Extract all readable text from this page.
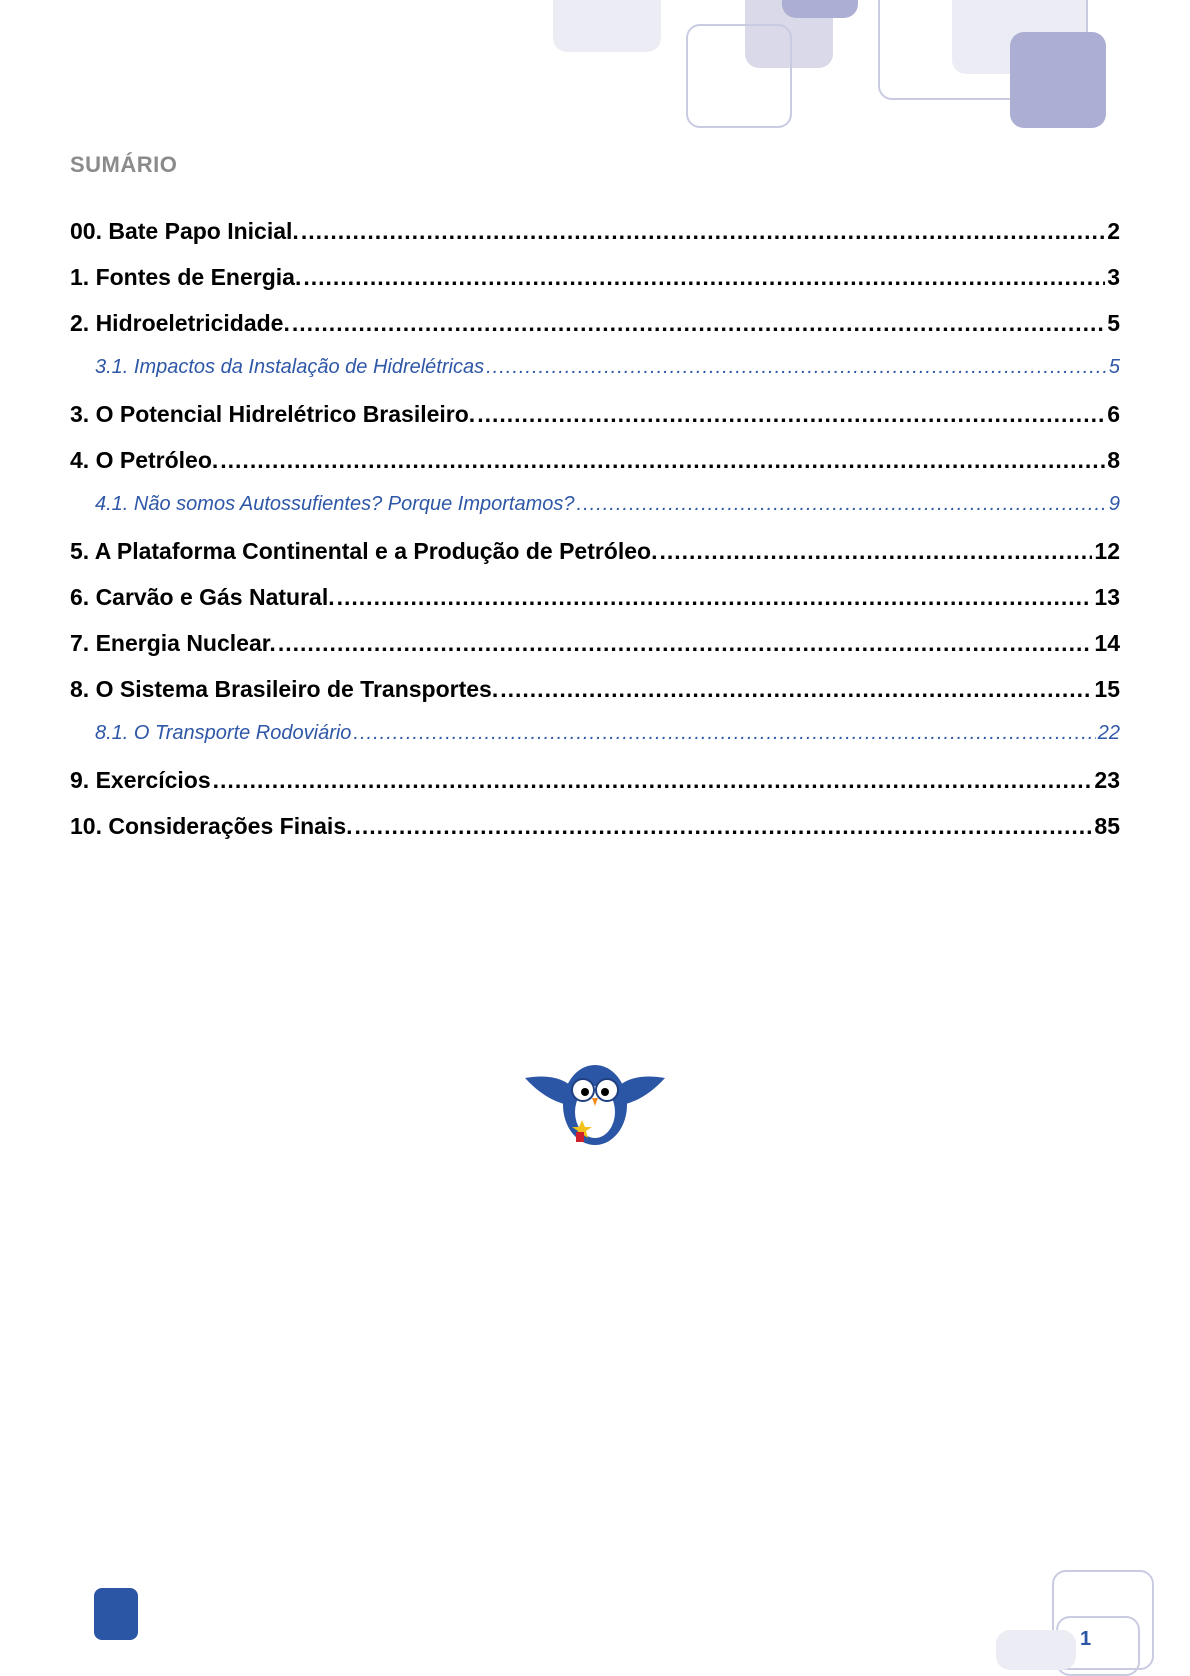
SUMÁRIO
00. Bate Papo Inicial. .....	2
1. Fontes de Energia. .....	3
2. Hidroeletricidade. .....	5
3.1. Impactos da Instalação de Hidrelétricas .....	5
3. O Potencial Hidrelétrico Brasileiro. .....	6
4. O Petróleo. .....	8
4.1. Não somos Autossufientes? Porque Importamos? .....	9
5. A Plataforma Continental e a Produção de Petróleo. .....	12
6. Carvão e Gás Natural. .....	13
7. Energia Nuclear. .....	14
8. O Sistema Brasileiro de Transportes. .....	15
8.1. O Transporte Rodoviário .....	22
9. Exercícios .....	23
10. Considerações Finais. .....	85
1
